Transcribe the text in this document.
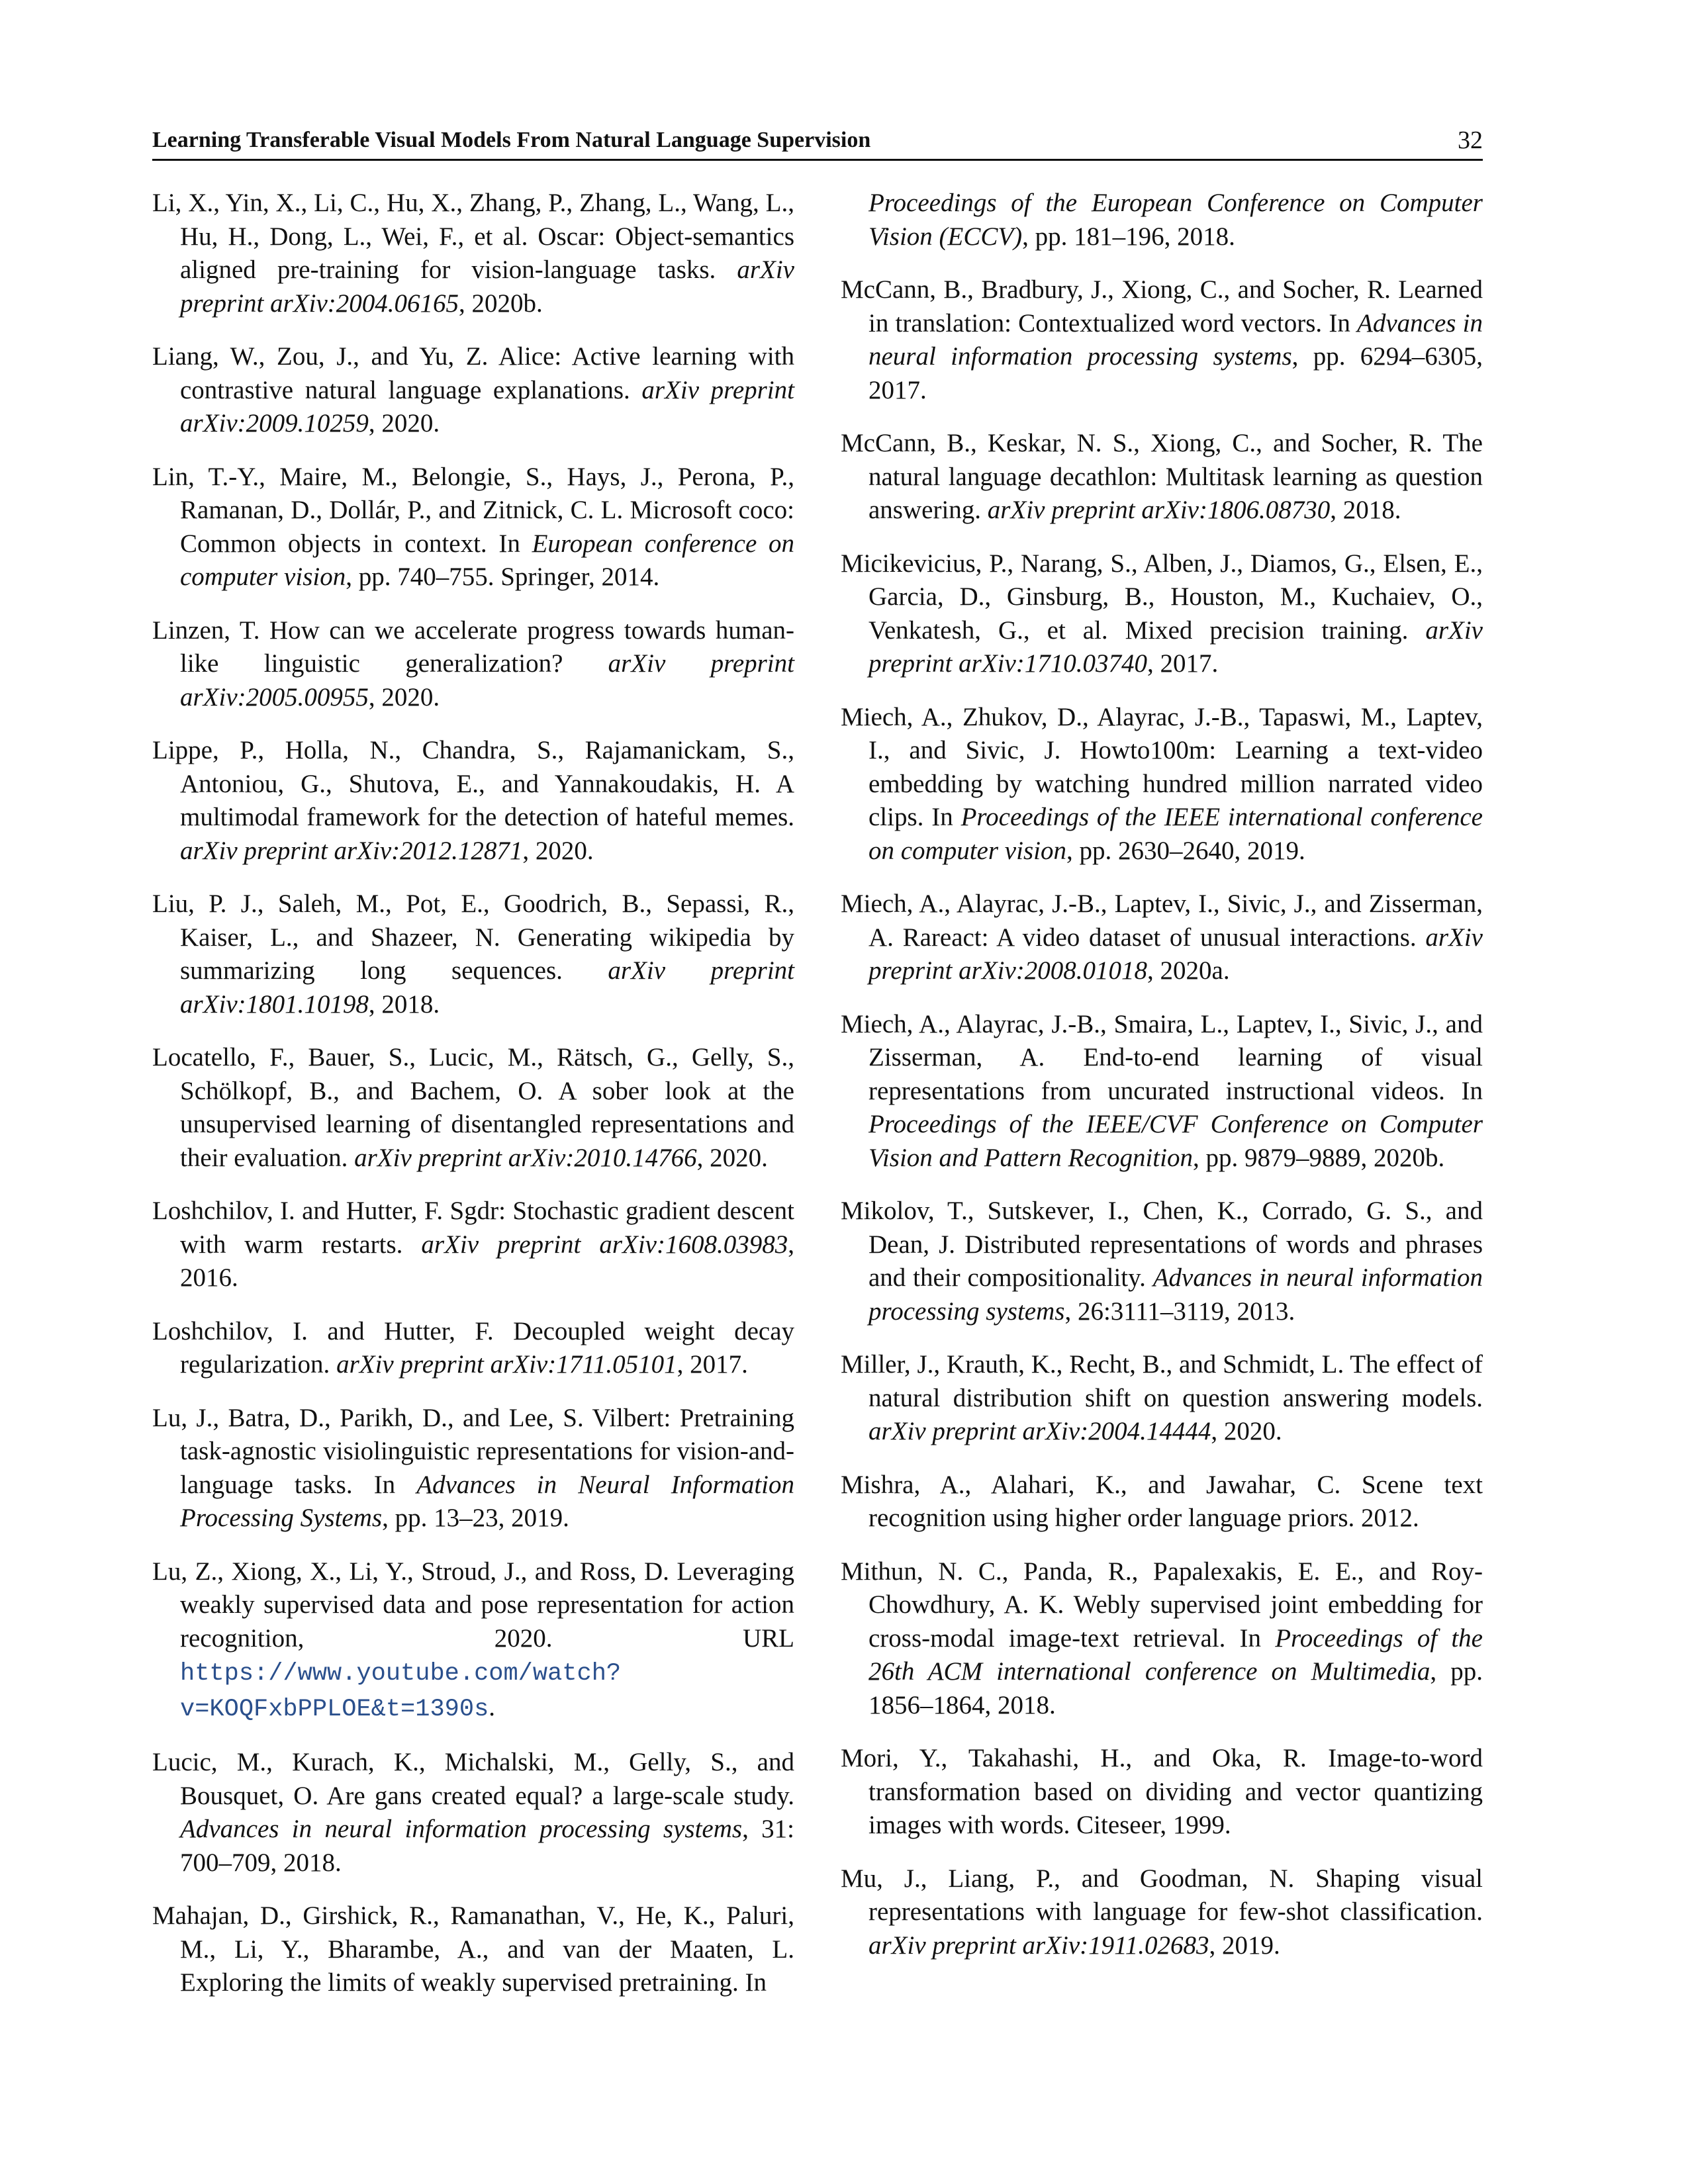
Learning Transferable Visual Models From Natural Language Supervision	32

Li, X., Yin, X., Li, C., Hu, X., Zhang, P., Zhang, L., Wang, L., Hu, H., Dong, L., Wei, F., et al. Oscar: Object-semantics aligned pre-training for vision-language tasks. arXiv preprint arXiv:2004.06165, 2020b.

Liang, W., Zou, J., and Yu, Z. Alice: Active learning with contrastive natural language explanations. arXiv preprint arXiv:2009.10259, 2020.

Lin, T.-Y., Maire, M., Belongie, S., Hays, J., Perona, P., Ramanan, D., Dollár, P., and Zitnick, C. L. Microsoft coco: Common objects in context. In European conference on computer vision, pp. 740–755. Springer, 2014.

Linzen, T. How can we accelerate progress towards human-like linguistic generalization? arXiv preprint arXiv:2005.00955, 2020.

Lippe, P., Holla, N., Chandra, S., Rajamanickam, S., Antoniou, G., Shutova, E., and Yannakoudakis, H. A multimodal framework for the detection of hateful memes. arXiv preprint arXiv:2012.12871, 2020.

Liu, P. J., Saleh, M., Pot, E., Goodrich, B., Sepassi, R., Kaiser, L., and Shazeer, N. Generating wikipedia by summarizing long sequences. arXiv preprint arXiv:1801.10198, 2018.

Locatello, F., Bauer, S., Lucic, M., Rätsch, G., Gelly, S., Schölkopf, B., and Bachem, O. A sober look at the unsupervised learning of disentangled representations and their evaluation. arXiv preprint arXiv:2010.14766, 2020.

Loshchilov, I. and Hutter, F. Sgdr: Stochastic gradient descent with warm restarts. arXiv preprint arXiv:1608.03983, 2016.

Loshchilov, I. and Hutter, F. Decoupled weight decay regularization. arXiv preprint arXiv:1711.05101, 2017.

Lu, J., Batra, D., Parikh, D., and Lee, S. Vilbert: Pretraining task-agnostic visiolinguistic representations for vision-and-language tasks. In Advances in Neural Information Processing Systems, pp. 13–23, 2019.

Lu, Z., Xiong, X., Li, Y., Stroud, J., and Ross, D. Leveraging weakly supervised data and pose representation for action recognition, 2020. URL https://www.youtube.com/watch?v=KOQFxbPPLOE&t=1390s.

Lucic, M., Kurach, K., Michalski, M., Gelly, S., and Bousquet, O. Are gans created equal? a large-scale study. Advances in neural information processing systems, 31: 700–709, 2018.

Mahajan, D., Girshick, R., Ramanathan, V., He, K., Paluri, M., Li, Y., Bharambe, A., and van der Maaten, L. Exploring the limits of weakly supervised pretraining. In

Proceedings of the European Conference on Computer Vision (ECCV), pp. 181–196, 2018.

McCann, B., Bradbury, J., Xiong, C., and Socher, R. Learned in translation: Contextualized word vectors. In Advances in neural information processing systems, pp. 6294–6305, 2017.

McCann, B., Keskar, N. S., Xiong, C., and Socher, R. The natural language decathlon: Multitask learning as question answering. arXiv preprint arXiv:1806.08730, 2018.

Micikevicius, P., Narang, S., Alben, J., Diamos, G., Elsen, E., Garcia, D., Ginsburg, B., Houston, M., Kuchaiev, O., Venkatesh, G., et al. Mixed precision training. arXiv preprint arXiv:1710.03740, 2017.

Miech, A., Zhukov, D., Alayrac, J.-B., Tapaswi, M., Laptev, I., and Sivic, J. Howto100m: Learning a text-video embedding by watching hundred million narrated video clips. In Proceedings of the IEEE international conference on computer vision, pp. 2630–2640, 2019.

Miech, A., Alayrac, J.-B., Laptev, I., Sivic, J., and Zisserman, A. Rareact: A video dataset of unusual interactions. arXiv preprint arXiv:2008.01018, 2020a.

Miech, A., Alayrac, J.-B., Smaira, L., Laptev, I., Sivic, J., and Zisserman, A. End-to-end learning of visual representations from uncurated instructional videos. In Proceedings of the IEEE/CVF Conference on Computer Vision and Pattern Recognition, pp. 9879–9889, 2020b.

Mikolov, T., Sutskever, I., Chen, K., Corrado, G. S., and Dean, J. Distributed representations of words and phrases and their compositionality. Advances in neural information processing systems, 26:3111–3119, 2013.

Miller, J., Krauth, K., Recht, B., and Schmidt, L. The effect of natural distribution shift on question answering models. arXiv preprint arXiv:2004.14444, 2020.

Mishra, A., Alahari, K., and Jawahar, C. Scene text recognition using higher order language priors. 2012.

Mithun, N. C., Panda, R., Papalexakis, E. E., and Roy-Chowdhury, A. K. Webly supervised joint embedding for cross-modal image-text retrieval. In Proceedings of the 26th ACM international conference on Multimedia, pp. 1856–1864, 2018.

Mori, Y., Takahashi, H., and Oka, R. Image-to-word transformation based on dividing and vector quantizing images with words. Citeseer, 1999.

Mu, J., Liang, P., and Goodman, N. Shaping visual representations with language for few-shot classification. arXiv preprint arXiv:1911.02683, 2019.
